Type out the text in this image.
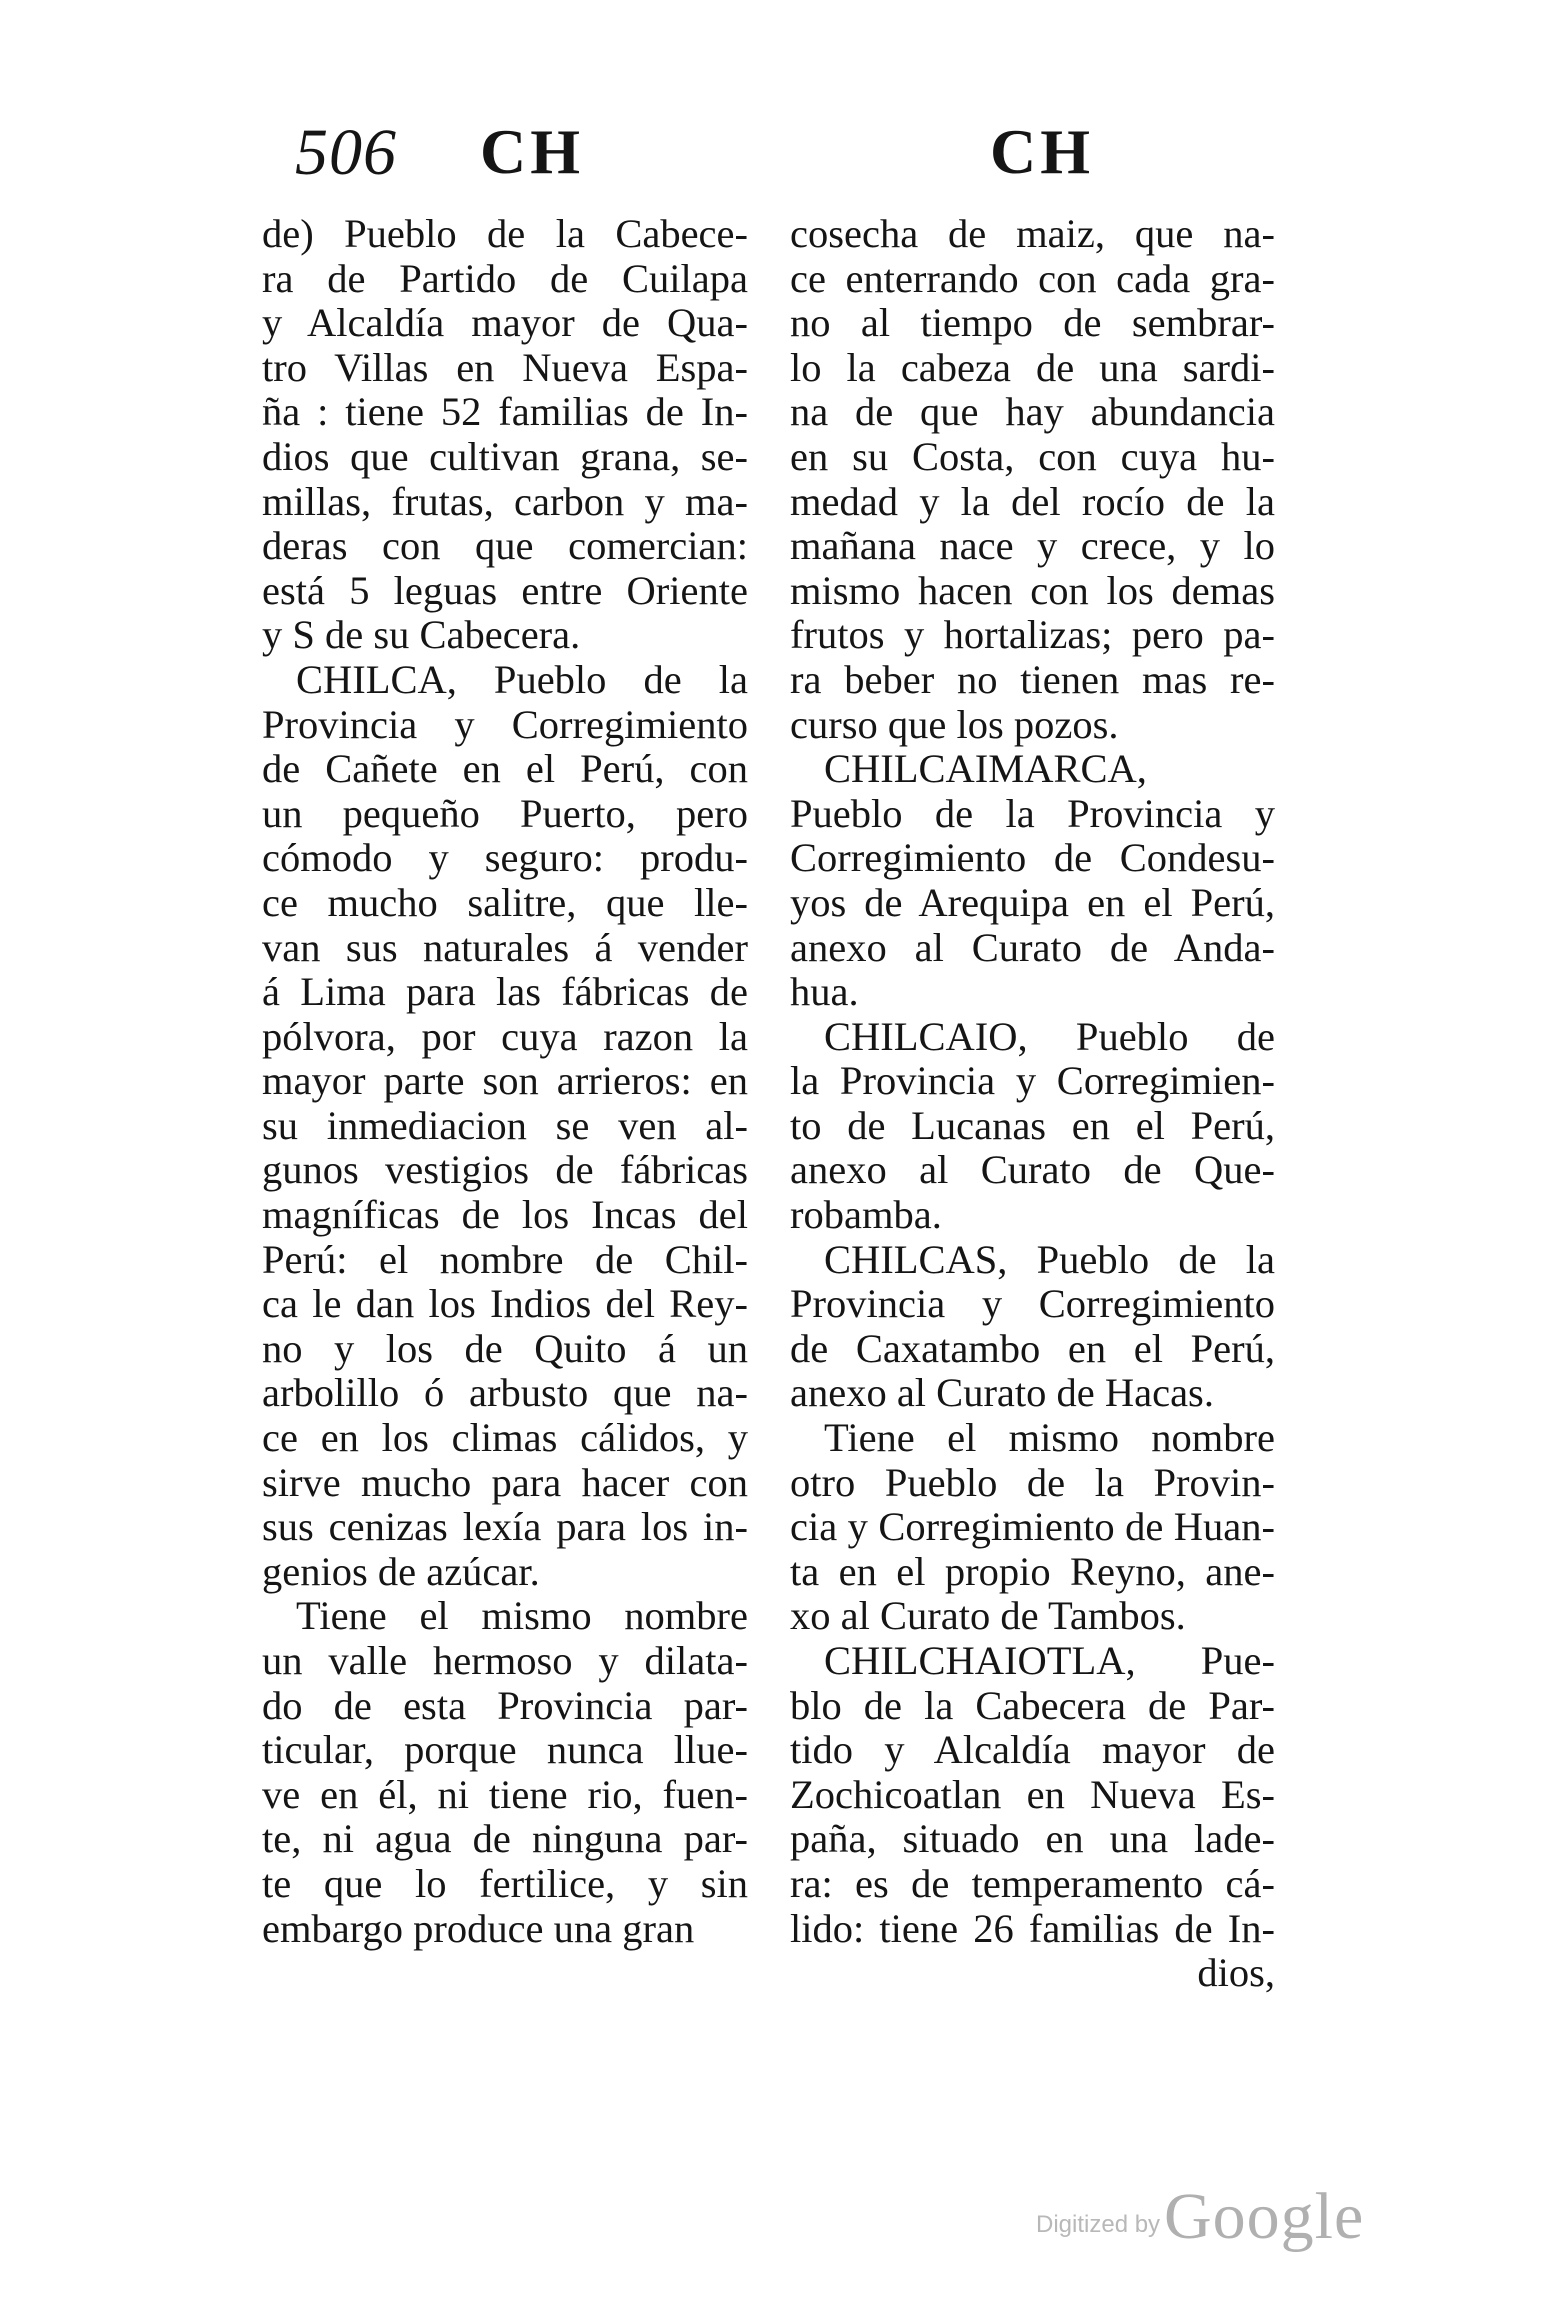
506 CH	CH
de) Pueblo de la Cabece-
ra de Partido de Cuilapa
y Alcaldía mayor de Qua-
tro Villas en Nueva Espa-
ña : tiene 52 familias de In-
dios que cultivan grana, se-
millas, frutas, carbon y ma-
deras con que comercian:
está 5 leguas entre Oriente
y S de su Cabecera.
CHILCA, Pueblo de la
Provincia y Corregimiento
de Cañete en el Perú, con
un pequeño Puerto, pero
cómodo y seguro: produ-
ce mucho salitre, que lle-
van sus naturales á vender
á Lima para las fábricas de
pólvora, por cuya razon la
mayor parte son arrieros: en
su inmediacion se ven al-
gunos vestigios de fábricas
magníficas de los Incas del
Perú: el nombre de Chil-
ca le dan los Indios del Rey-
no y los de Quito á un
arbolillo ó arbusto que na-
ce en los climas cálidos, y
sirve mucho para hacer con
sus cenizas lexía para los in-
genios de azúcar.
Tiene el mismo nombre
un valle hermoso y dilata-
do de esta Provincia par-
ticular, porque nunca llue-
ve en él, ni tiene rio, fuen-
te, ni agua de ninguna par-
te que lo fertilice, y sin
embargo produce una gran
cosecha de maiz, que na-
ce enterrando con cada gra-
no al tiempo de sembrar-
lo la cabeza de una sardi-
na de que hay abundancia
en su Costa, con cuya hu-
medad y la del rocío de la
mañana nace y crece, y lo
mismo hacen con los demas
frutos y hortalizas; pero pa-
ra beber no tienen mas re-
curso que los pozos.
CHILCAIMARCA,
Pueblo de la Provincia y
Corregimiento de Condesu-
yos de Arequipa en el Perú,
anexo al Curato de Anda-
hua.
CHILCAIO, Pueblo de
la Provincia y Corregimien-
to de Lucanas en el Perú,
anexo al Curato de Que-
robamba.
CHILCAS, Pueblo de la
Provincia y Corregimiento
de Caxatambo en el Perú,
anexo al Curato de Hacas.
Tiene el mismo nombre
otro Pueblo de la Provin-
cia y Corregimiento de Huan-
ta en el propio Reyno, ane-
xo al Curato de Tambos.
CHILCHAIOTLA, Pue-
blo de la Cabecera de Par-
tido y Alcaldía mayor de
Zochicoatlan en Nueva Es-
paña, situado en una lade-
ra: es de temperamento cá-
lido: tiene 26 familias de In-
dios,
Digitized by Google
